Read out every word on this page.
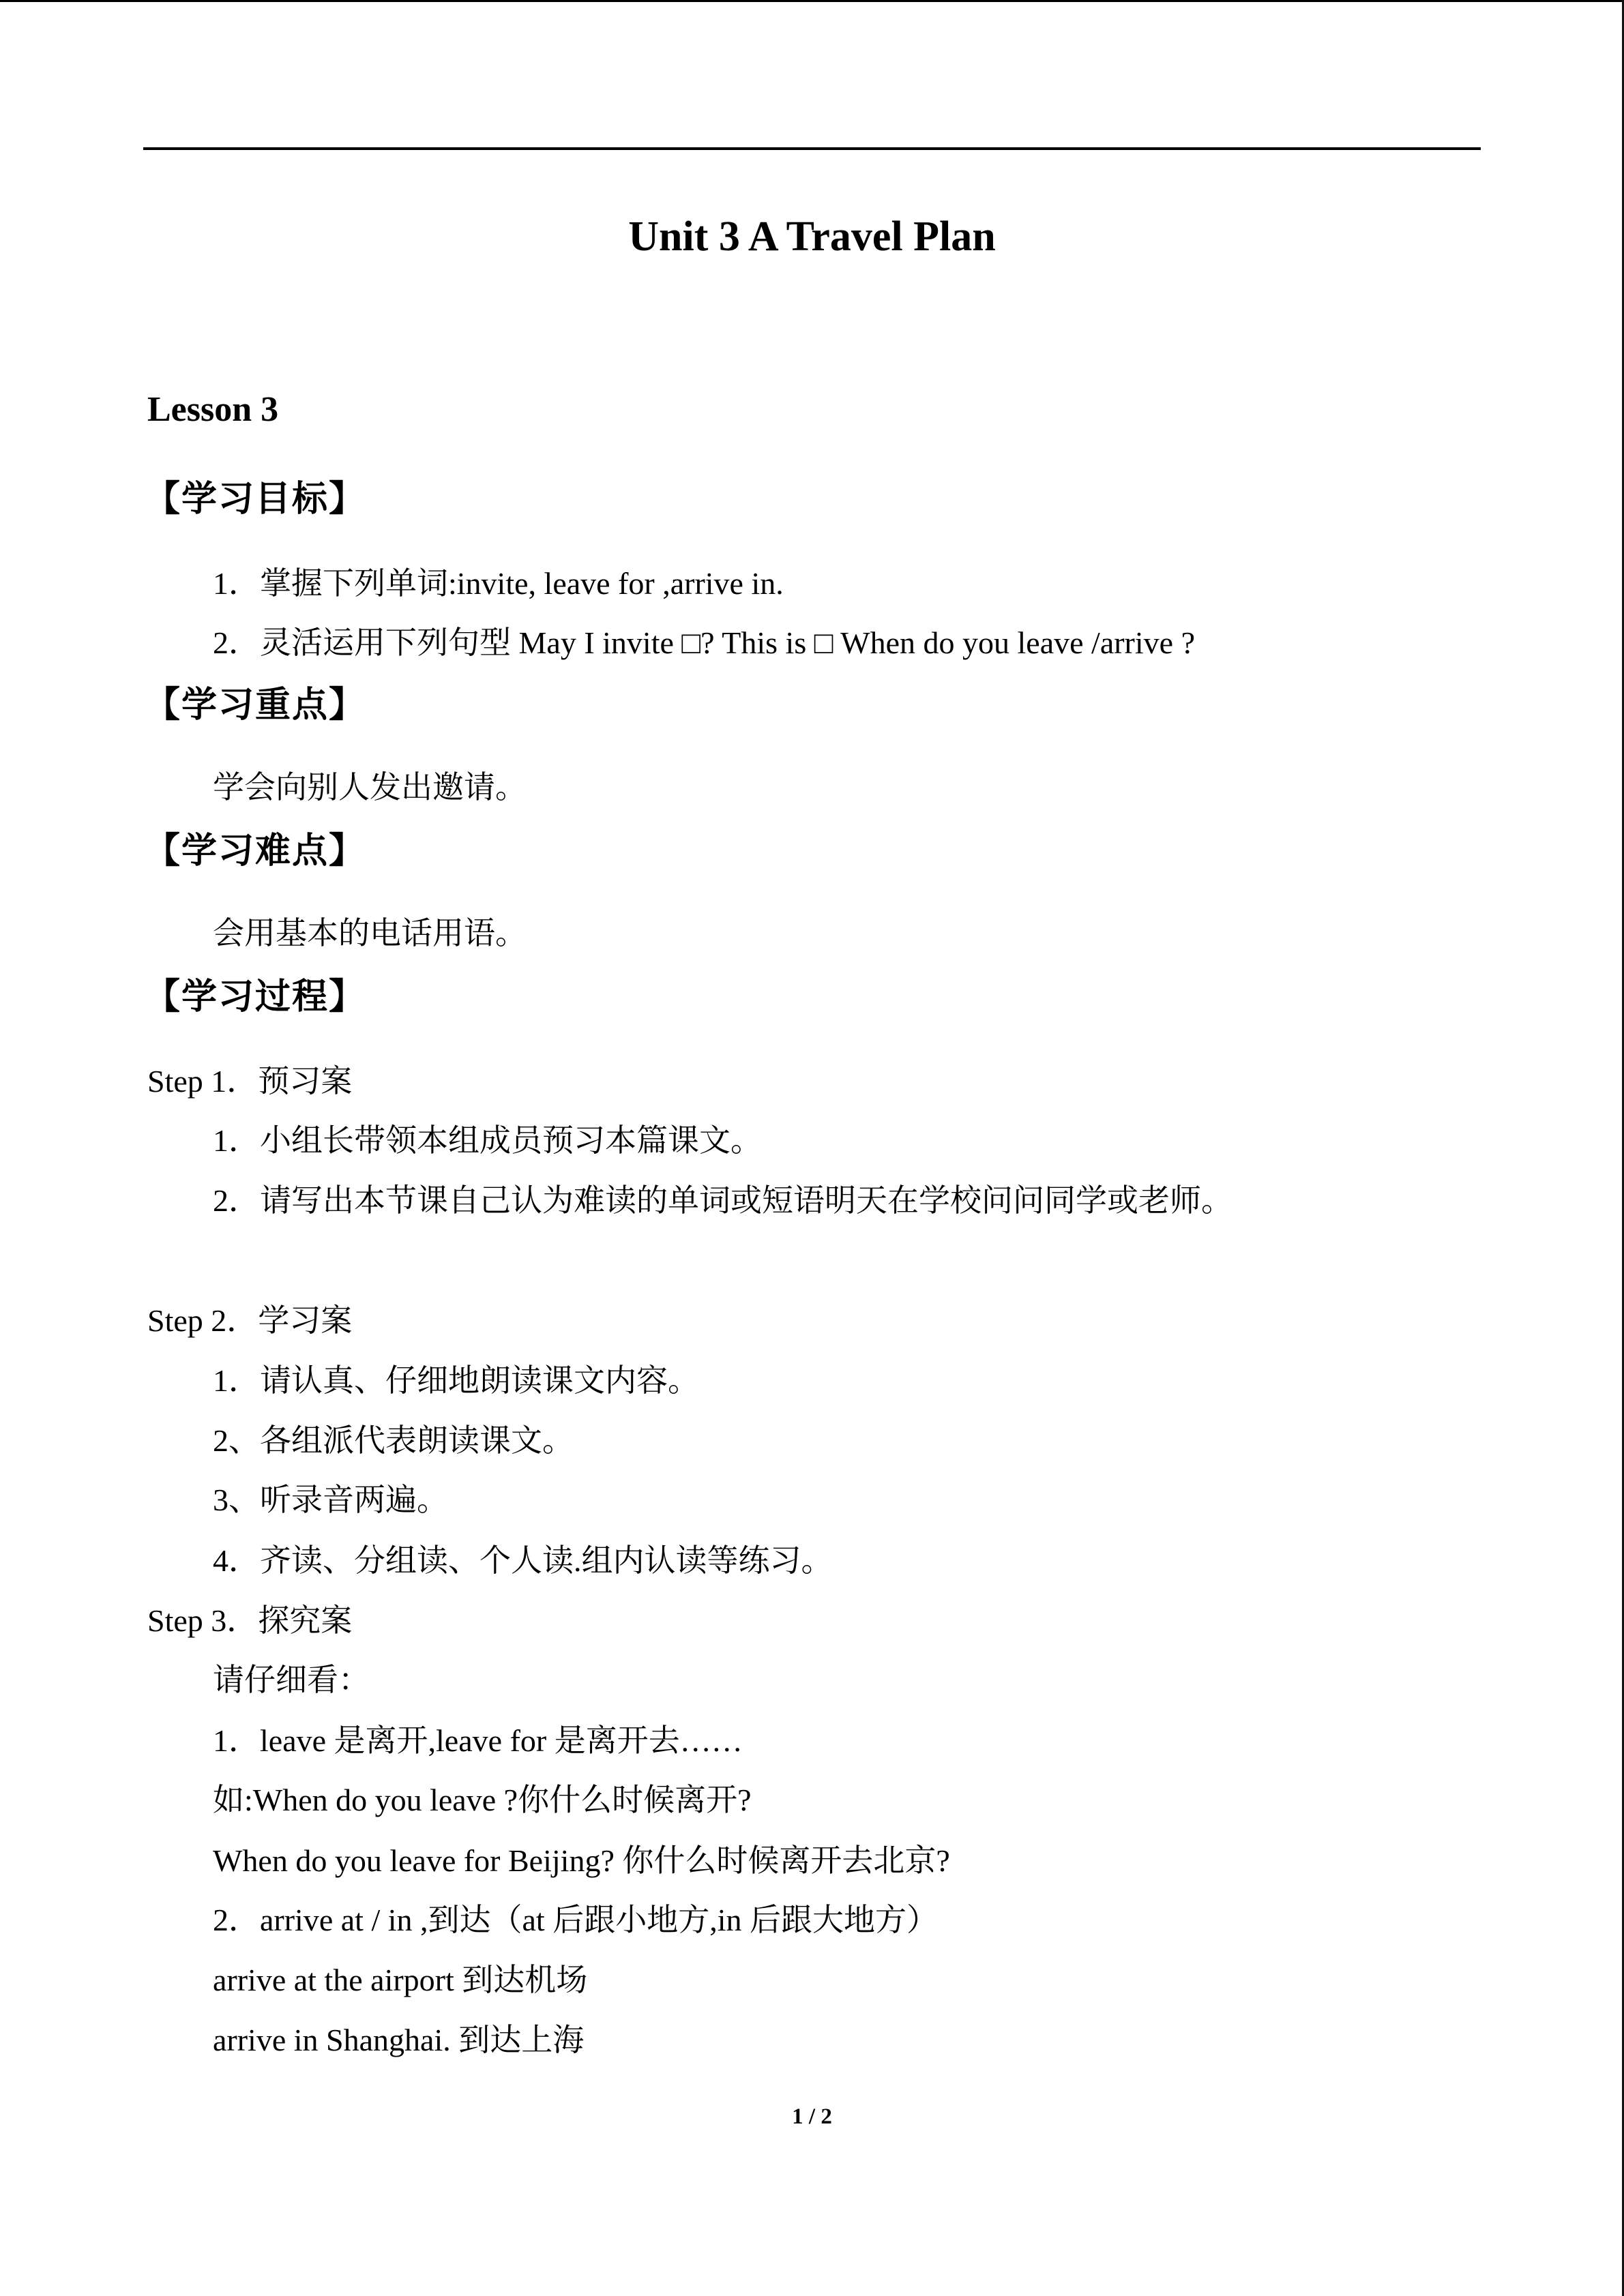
Unit 3 A Travel Plan
Lesson 3
【学习目标】
1．掌握下列单词:invite, leave for ,arrive in.
2．灵活运用下列句型 May I invite □? This is □ When do you leave /arrive ?
【学习重点】
学会向别人发出邀请。
【学习难点】
会用基本的电话用语。
【学习过程】
Step 1．预习案
1．小组长带领本组成员预习本篇课文。
2．请写出本节课自己认为难读的单词或短语明天在学校问问同学或老师。
Step 2．学习案
1．请认真、仔细地朗读课文内容。
2、各组派代表朗读课文。
3、听录音两遍。
4．齐读、分组读、个人读.组内认读等练习。
Step 3．探究案
请仔细看：
1．leave 是离开,leave for 是离开去……
如:When do you leave ?你什么时候离开?
When do you leave for Beijing? 你什么时候离开去北京?
2．arrive at / in ,到达（at 后跟小地方,in 后跟大地方）
arrive at the airport 到达机场
arrive in Shanghai. 到达上海
1 / 2
